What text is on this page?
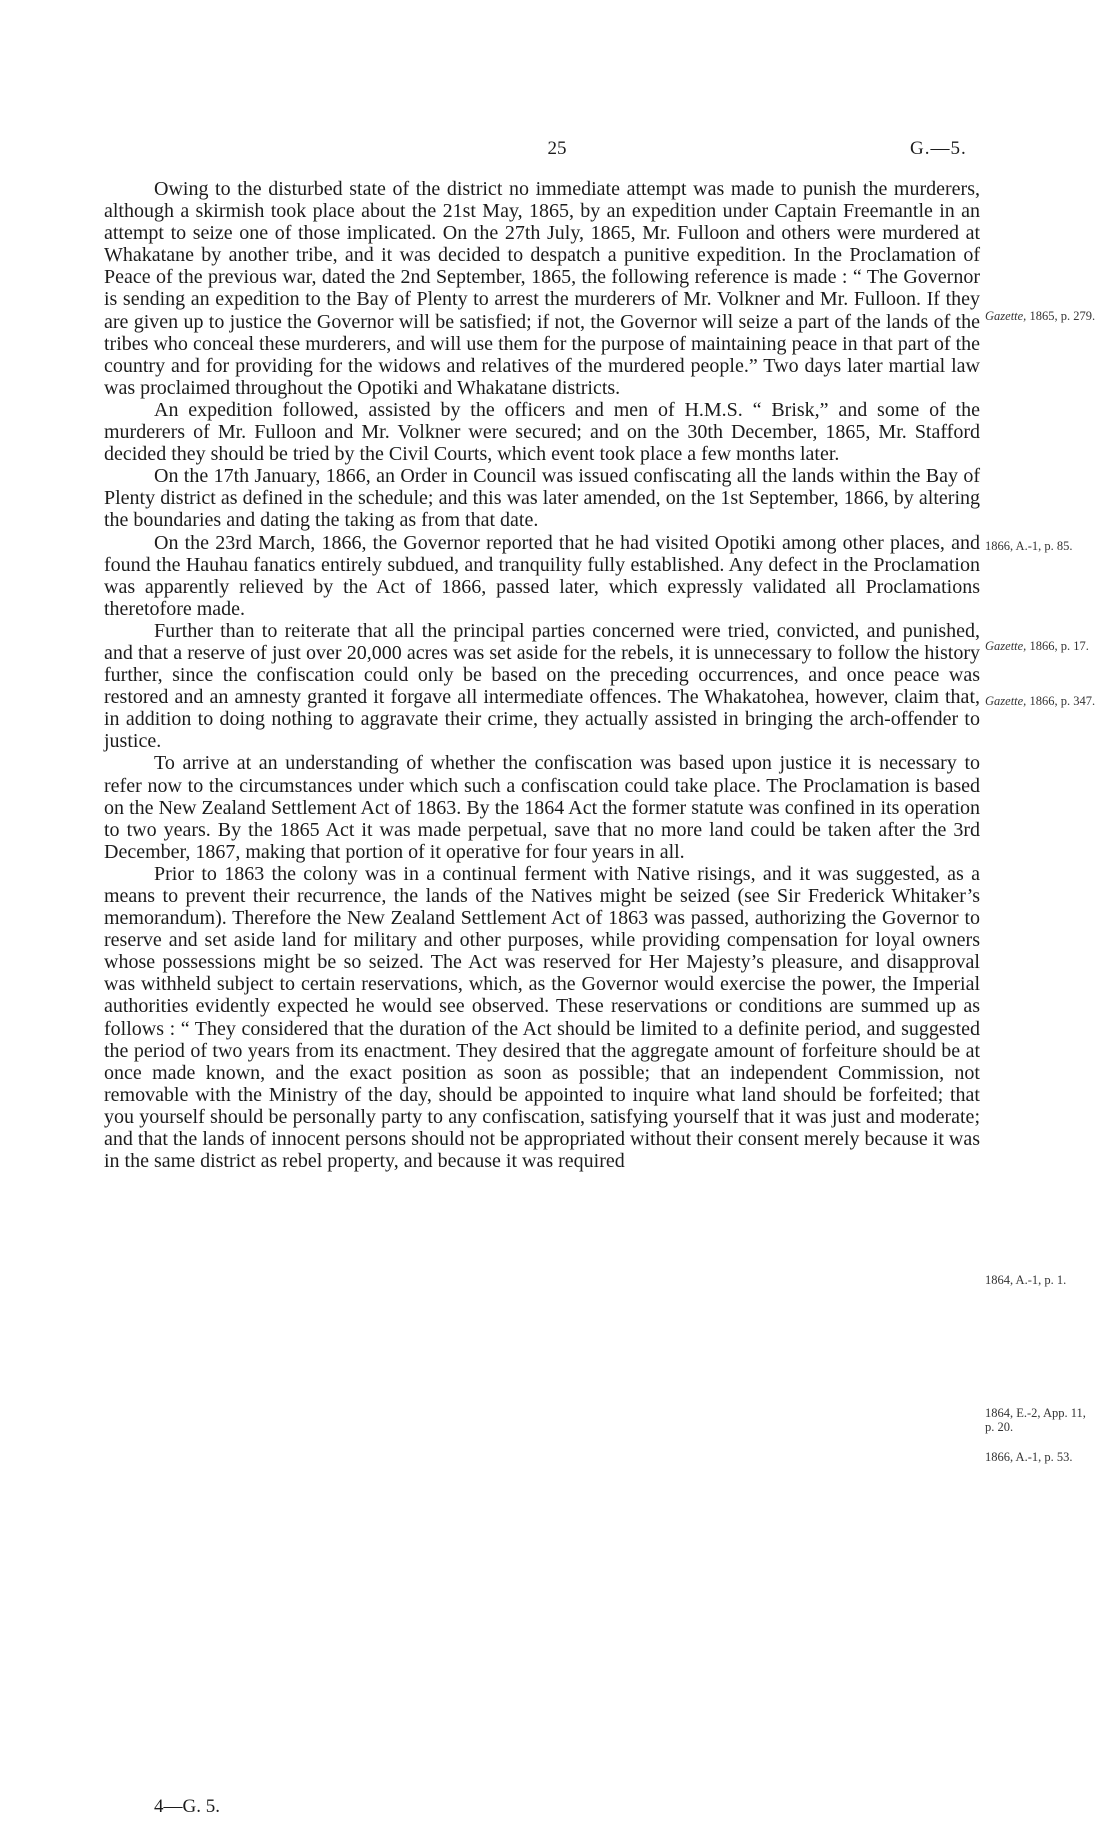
25	G.—5.

Owing to the disturbed state of the district no immediate attempt was made to punish the murderers, although a skirmish took place about the 21st May, 1865, by an expedition under Captain Freemantle in an attempt to seize one of those implicated. On the 27th July, 1865, Mr. Fulloon and others were murdered at Whakatane by another tribe, and it was decided to despatch a punitive expedition. In the Proclamation of Peace of the previous war, dated the 2nd September, 1865, the following reference is made : “ The Governor is sending an expedition to the Bay of Plenty to arrest the murderers of Mr. Volkner and Mr. Fulloon. If they are given up to justice the Governor will be satisfied; if not, the Governor will seize a part of the lands of the tribes who conceal these murderers, and will use them for the purpose of maintaining peace in that part of the country and for providing for the widows and relatives of the murdered people.” Two days later martial law was proclaimed throughout the Opotiki and Whakatane districts.

An expedition followed, assisted by the officers and men of H.M.S. “ Brisk,” and some of the murderers of Mr. Fulloon and Mr. Volkner were secured; and on the 30th December, 1865, Mr. Stafford decided they should be tried by the Civil Courts, which event took place a few months later.

On the 17th January, 1866, an Order in Council was issued confiscating all the lands within the Bay of Plenty district as defined in the schedule; and this was later amended, on the 1st September, 1866, by altering the boundaries and dating the taking as from that date.

On the 23rd March, 1866, the Governor reported that he had visited Opotiki among other places, and found the Hauhau fanatics entirely subdued, and tranquility fully established. Any defect in the Proclamation was apparently relieved by the Act of 1866, passed later, which expressly validated all Proclamations theretofore made.

Further than to reiterate that all the principal parties concerned were tried, convicted, and punished, and that a reserve of just over 20,000 acres was set aside for the rebels, it is unnecessary to follow the history further, since the confiscation could only be based on the preceding occurrences, and once peace was restored and an amnesty granted it forgave all intermediate offences. The Whakatohea, however, claim that, in addition to doing nothing to aggravate their crime, they actually assisted in bringing the arch-offender to justice.

To arrive at an understanding of whether the confiscation was based upon justice it is necessary to refer now to the circumstances under which such a confiscation could take place. The Proclamation is based on the New Zealand Settlement Act of 1863. By the 1864 Act the former statute was confined in its operation to two years. By the 1865 Act it was made perpetual, save that no more land could be taken after the 3rd December, 1867, making that portion of it operative for four years in all.

Prior to 1863 the colony was in a continual ferment with Native risings, and it was suggested, as a means to prevent their recurrence, the lands of the Natives might be seized (see Sir Frederick Whitaker’s memorandum). Therefore the New Zealand Settlement Act of 1863 was passed, authorizing the Governor to reserve and set aside land for military and other purposes, while providing compensation for loyal owners whose possessions might be so seized. The Act was reserved for Her Majesty’s pleasure, and disapproval was withheld subject to certain reservations, which, as the Governor would exercise the power, the Imperial authorities evidently expected he would see observed. These reservations or conditions are summed up as follows : “ They considered that the duration of the Act should be limited to a definite period, and suggested the period of two years from its enactment. They desired that the aggregate amount of forfeiture should be at once made known, and the exact position as soon as possible; that an independent Commission, not removable with the Ministry of the day, should be appointed to inquire what land should be forfeited; that you yourself should be personally party to any confiscation, satisfying yourself that it was just and moderate; and that the lands of innocent persons should not be appropriated without their consent merely because it was in the same district as rebel property, and because it was required

Gazette, 1865, p. 279.
1866, A.-1, p. 85.
Gazette, 1866, p. 17.
Gazette, 1866, p. 347.
1864, A.-1, p. 1.
1864, E.-2, App. 11, p. 20.
1866, A.-1, p. 53.
4—G. 5.
